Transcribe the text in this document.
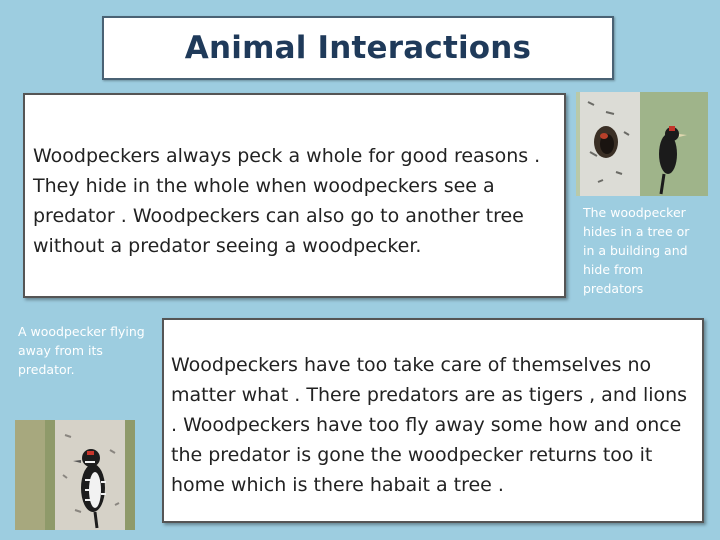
Animal Interactions
Woodpeckers always peck a whole for good reasons . They hide in the whole when woodpeckers see a predator . Woodpeckers can also go to another tree without a predator seeing a woodpecker.
The woodpecker hides in a tree or in a building and hide from predators
A woodpecker flying away from its predator.	Woodpeckers have too take care of themselves no matter what . There predators are as tigers , and lions . Woodpeckers have too fly away some how and once the predator is gone the woodpecker returns too it home which is there habait a tree .
